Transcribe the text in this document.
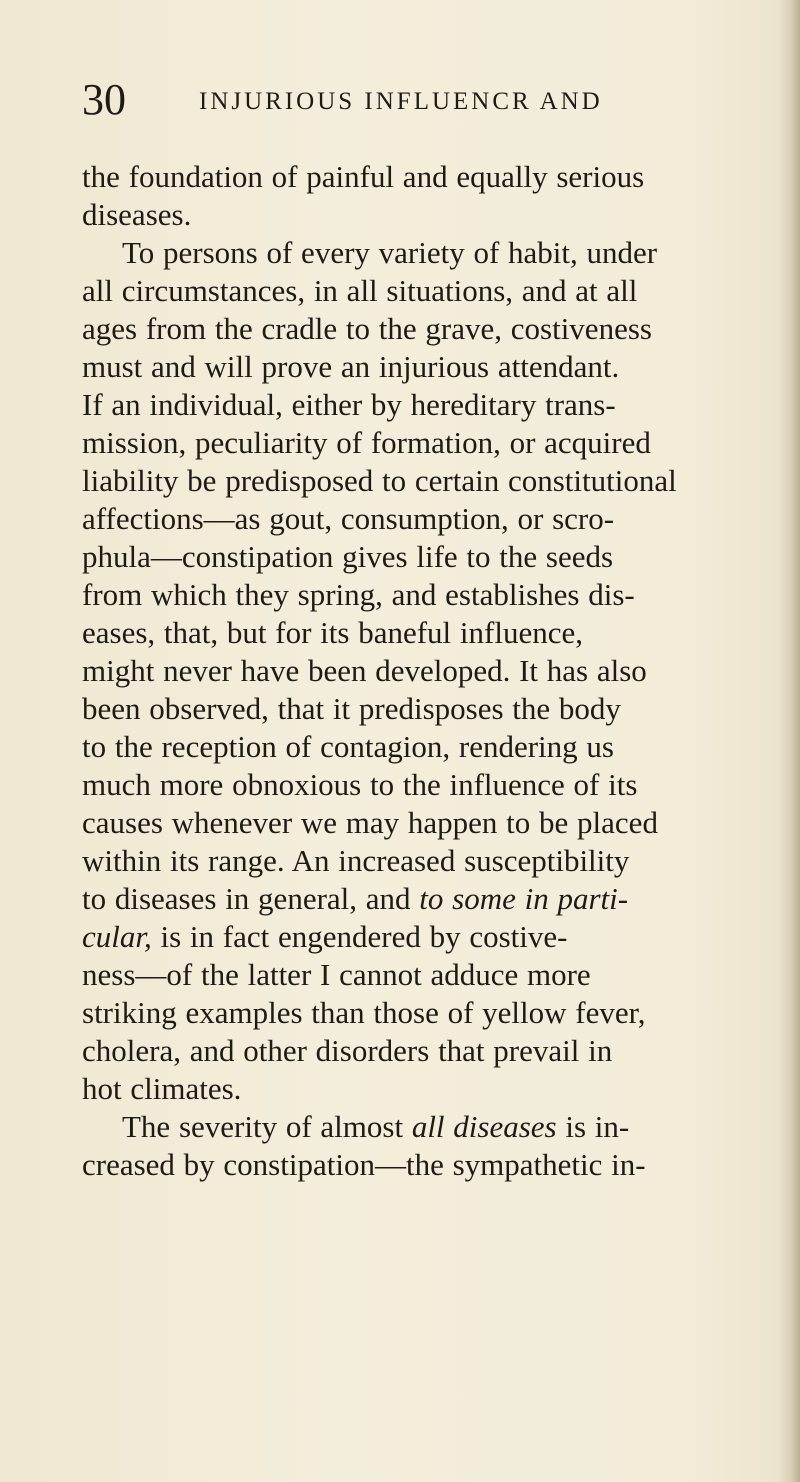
30	INJURIOUS INFLUENCR AND
the foundation of painful and equally serious
diseases.
To persons of every variety of habit, under
all circumstances, in all situations, and at all
ages from the cradle to the grave, costiveness
must and will prove an injurious attendant.
If an individual, either by hereditary trans-
mission, peculiarity of formation, or acquired
liability be predisposed to certain constitutional
affections—as gout, consumption, or scro-
phula—constipation gives life to the seeds
from which they spring, and establishes dis-
eases, that, but for its baneful influence,
might never have been developed. It has also
been observed, that it predisposes the body
to the reception of contagion, rendering us
much more obnoxious to the influence of its
causes whenever we may happen to be placed
within its range. An increased susceptibility
to diseases in general, and to some in parti-
cular, is in fact engendered by costive-
ness—of the latter I cannot adduce more
striking examples than those of yellow fever,
cholera, and other disorders that prevail in
hot climates.
The severity of almost all diseases is in-
creased by constipation—the sympathetic in-
